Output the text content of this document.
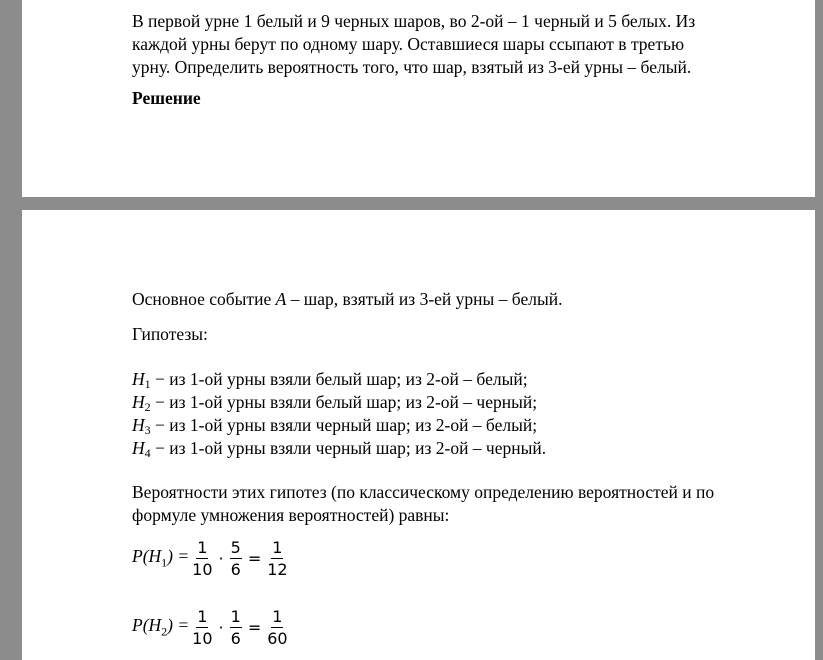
В первой урне 1 белый и 9 черных шаров, во 2-ой – 1 черный и 5 белых. Из
каждой урны берут по одному шару. Оставшиеся шары ссыпают в третью
урну. Определить вероятность того, что шар, взятый из 3-ей урны – белый.
Решение
Основное событие A – шар, взятый из 3-ей урны – белый.
Гипотезы:
$H_1$ − из 1-ой урны взяли белый шар; из 2-ой – белый;
$H_2$ − из 1-ой урны взяли белый шар; из 2-ой – черный;
$H_3$ − из 1-ой урны взяли черный шар; из 2-ой – белый;
$H_4$ − из 1-ой урны взяли черный шар; из 2-ой – черный.
Вероятности этих гипотез (по классическому определению вероятностей и по
формуле умножения вероятностей) равны:
$P(H_1) = \frac{1}{10} \cdot \frac{5}{6} = \frac{1}{12}$
$P(H_2) = \frac{1}{10} \cdot \frac{1}{6} = \frac{1}{60}$
